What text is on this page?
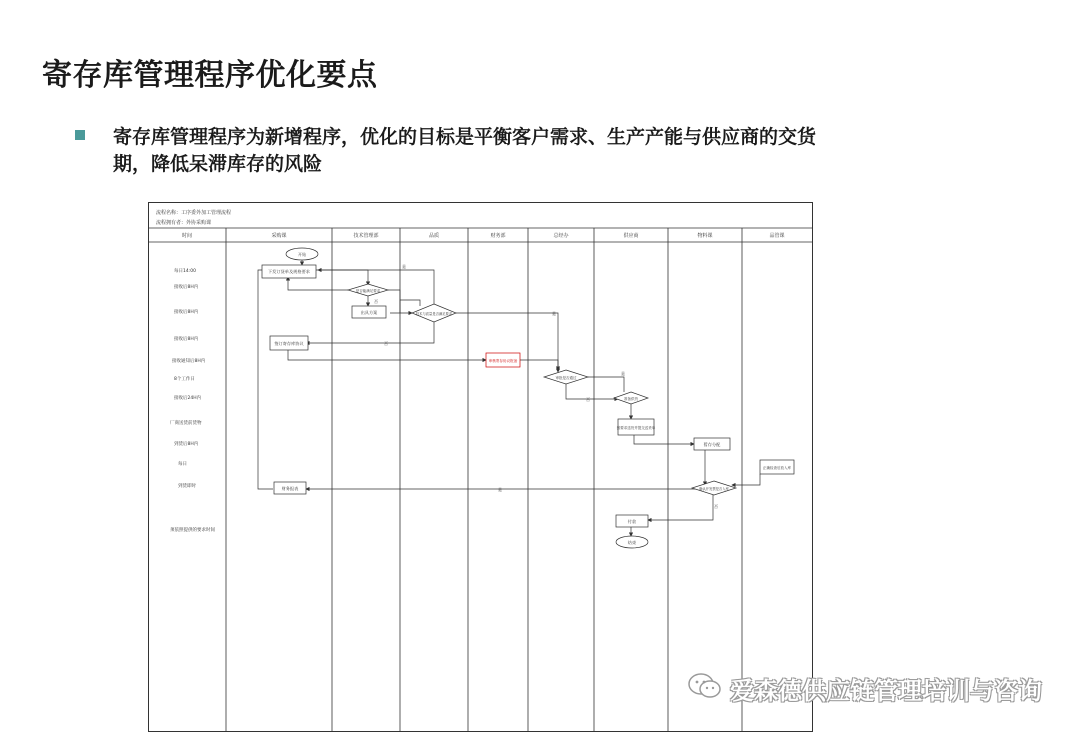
寄存库管理程序优化要点
寄存库管理程序为新增程序，优化的目标是平衡客户需求、生产产能与供应商的交货期，降低呆滞库存的风险
流程名称：工序委外加工管理流程
流程拥有者：外协采购课
时间	采购课	技术管理部	品质	财务部	总经办	供应商	物料课	品管课
每日14:00
接收后8H内
接收后8H内
接收后8H内
接收通知后8H内
8个工作日
接收后24H内
厂商送货前货物
到货后8H内
每日
到货即时
须依照提供的要求时间
是
否
是
否
是
否
是
否
开始
下发订货单及规格要求
是否能满足要求
出具方案	技术与质量是否满足要求
签订寄存库协议
审核寄存协议报备
审批是否通过
准备供货
按要求送货并提交送货单
暂存分配
正确检查后放入库
确认开发票是否入库
财务报表
付款
结束
爱森德供应链管理培训与咨询
